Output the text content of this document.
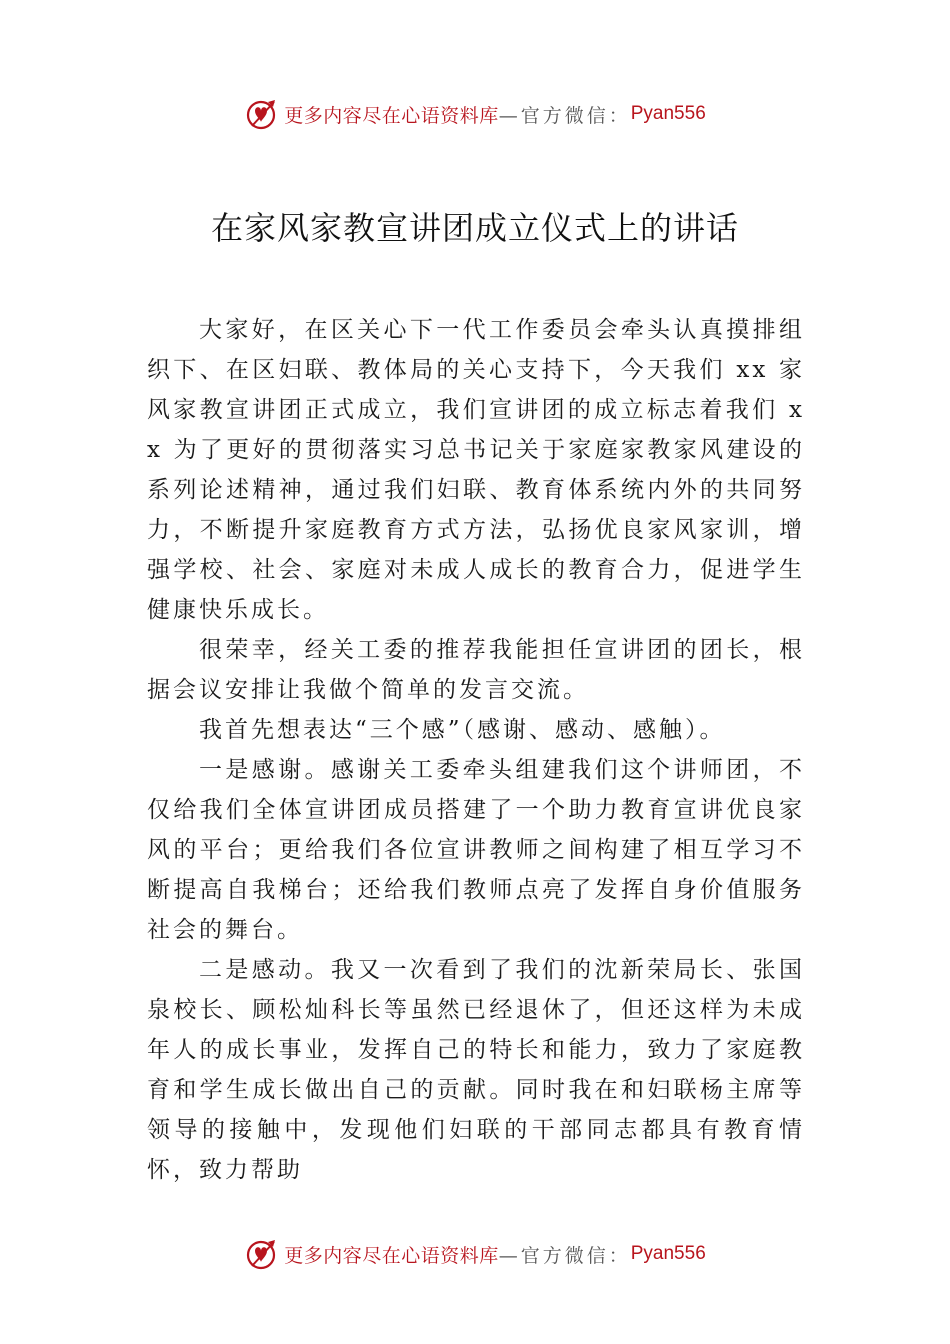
更多内容尽在心语资料库 —官方微信： Pyan556
在家风家教宣讲团成立仪式上的讲话

大家好，在区关心下一代工作委员会牵头认真摸排组织下、在区妇联、教体局的关心支持下，今天我们 xx 家风家教宣讲团正式成立，我们宣讲团的成立标志着我们 xx 为了更好的贯彻落实习总书记关于家庭家教家风建设的系列论述精神，通过我们妇联、教育体系统内外的共同努力，不断提升家庭教育方式方法，弘扬优良家风家训，增强学校、社会、家庭对未成人成长的教育合力，促进学生健康快乐成长。

很荣幸，经关工委的推荐我能担任宣讲团的团长，根据会议安排让我做个简单的发言交流。

我首先想表达“三个感”（感谢、感动、感触）。

一是感谢。感谢关工委牵头组建我们这个讲师团，不仅给我们全体宣讲团成员搭建了一个助力教育宣讲优良家风的平台；更给我们各位宣讲教师之间构建了相互学习不断提高自我梯台；还给我们教师点亮了发挥自身价值服务社会的舞台。

二是感动。我又一次看到了我们的沈新荣局长、张国泉校长、顾松灿科长等虽然已经退休了，但还这样为未成年人的成长事业，发挥自己的特长和能力，致力了家庭教育和学生成长做出自己的贡献。同时我在和妇联杨主席等领导的接触中，发现他们妇联的干部同志都具有教育情怀，致力帮助

更多内容尽在心语资料库 —官方微信： Pyan556
